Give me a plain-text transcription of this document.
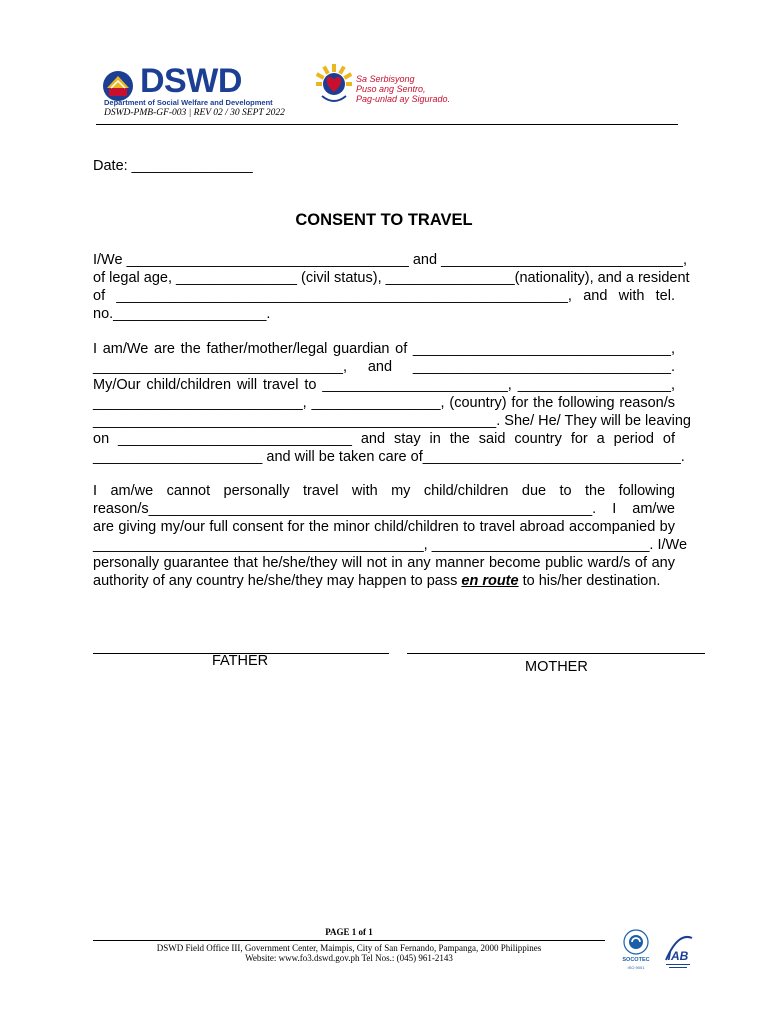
DSWD
Department of Social Welfare and Development
DSWD-PMB-GF-003 | REV 02 / 30 SEPT 2022
Sa Serbisyong
Puso ang Sentro,
Pag-unlad ay Sigurado.
Date: _______________
CONSENT TO TRAVEL
I/We ___________________________________ and ______________________________,
of legal age, _______________ (civil status), ________________(nationality), and a resident
of ________________________________________________________, and with tel.
no.___________________.
I am/We are the father/mother/legal guardian of ________________________________,
_______________________________, and ________________________________.
My/Our child/children will travel to _______________________, ___________________,
__________________________, ________________, (country) for the following reason/s
__________________________________________________. She/ He/ They will be leaving
on _____________________________ and stay in the said country for a period of
_____________________ and will be taken care of________________________________.
I am/we cannot personally travel with my child/children due to the following
reason/s_______________________________________________________. I am/we
are giving my/our full consent for the minor child/children to travel abroad accompanied by
_________________________________________, ___________________________. I/We
personally guarantee that he/she/they will not in any manner become public ward/s of any
authority of any country he/she/they may happen to pass en route to his/her destination.
FATHER	MOTHER
PAGE 1 of 1
DSWD Field Office III, Government Center, Maimpis, City of San Fernando, Pampanga, 2000 Philippines
Website: www.fo3.dswd.gov.ph Tel Nos.: (045) 961-2143	SOCOTEC
ISO 9001
IAB
